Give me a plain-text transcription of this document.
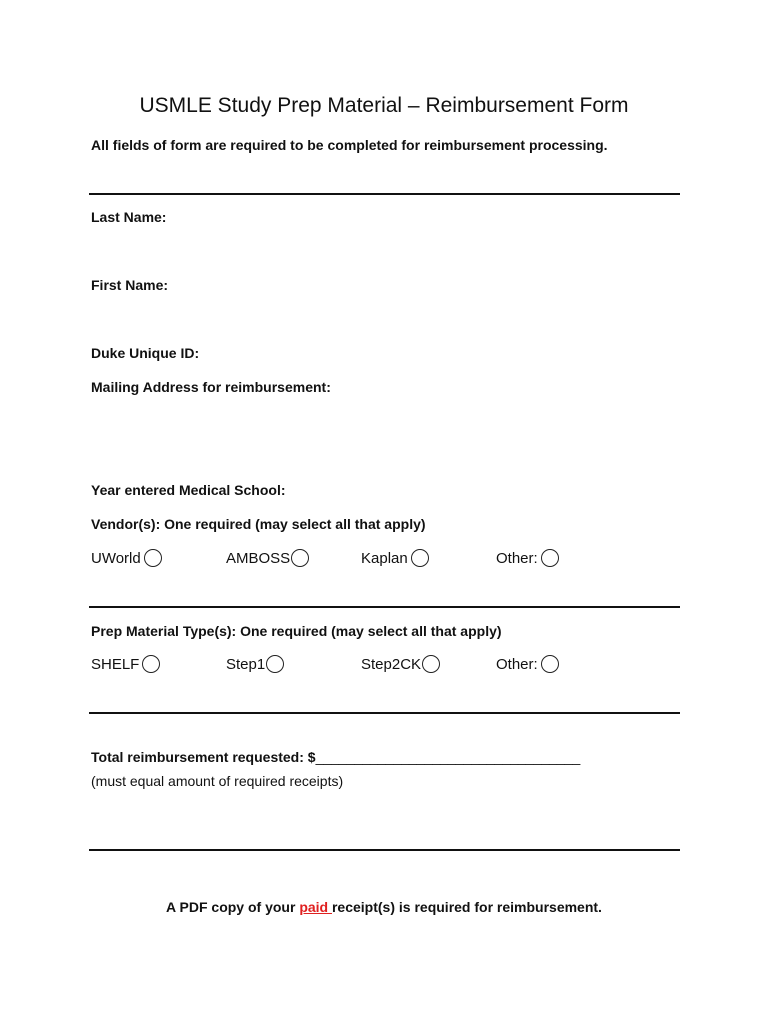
USMLE Study Prep Material – Reimbursement Form
All fields of form are required to be completed for reimbursement processing.
Last Name:
First Name:
Duke Unique ID:
Mailing Address for reimbursement:
Year entered Medical School:
Vendor(s): One required (may select all that apply)
UWorld	AMBOSS	Kaplan	Other:
Prep Material Type(s): One required (may select all that apply)
SHELF	Step1	Step2CK	Other:
Total reimbursement requested: $__________________________________
(must equal amount of required receipts)
A PDF copy of your paid receipt(s) is required for reimbursement.
